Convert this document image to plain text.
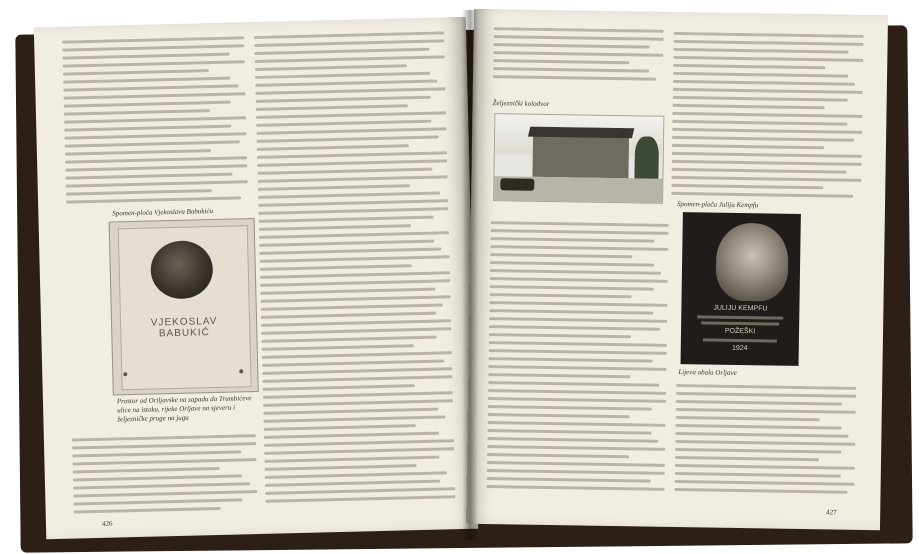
Spomen-ploča Vjekoslavu Babukiću
VJEKOSLAV BABUKIĆ
Prostor od Oriljavske na zapadu do Trumbićeve ulice na istoku, rijeke Orljave na sjeveru i željezničke pruge na jugu
426
Željeznički kolodvor
Spomen-ploča Juliju Kempfu
JULIJU KEMPFU
POŽEŠKI
1924
Lijeva obala Orljave
427
